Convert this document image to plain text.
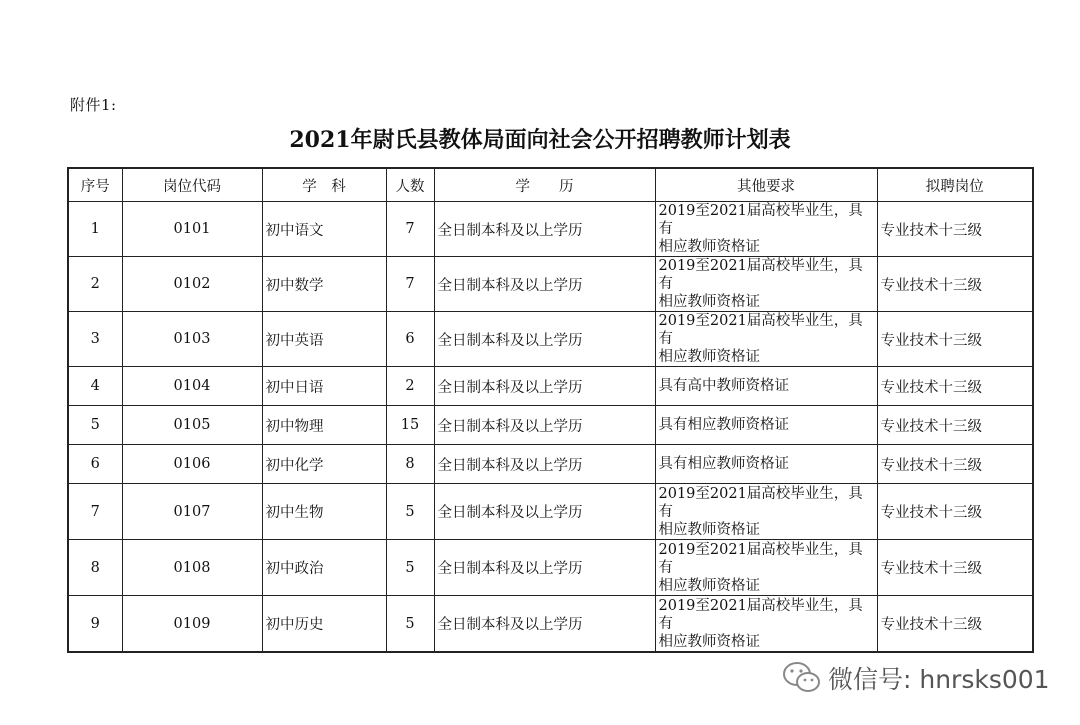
附件1:
2021年尉氏县教体局面向社会公开招聘教师计划表
序号	岗位代码	学　科	人数	学　　历	其他要求	拟聘岗位
1	0101	初中语文	7	全日制本科及以上学历	2019至2021届高校毕业生，具有
相应教师资格证	专业技术十三级
2	0102	初中数学	7	全日制本科及以上学历	2019至2021届高校毕业生，具有
相应教师资格证	专业技术十三级
3	0103	初中英语	6	全日制本科及以上学历	2019至2021届高校毕业生，具有
相应教师资格证	专业技术十三级
4	0104	初中日语	2	全日制本科及以上学历	具有高中教师资格证	专业技术十三级
5	0105	初中物理	15	全日制本科及以上学历	具有相应教师资格证	专业技术十三级
6	0106	初中化学	8	全日制本科及以上学历	具有相应教师资格证	专业技术十三级
7	0107	初中生物	5	全日制本科及以上学历	2019至2021届高校毕业生，具有
相应教师资格证	专业技术十三级
8	0108	初中政治	5	全日制本科及以上学历	2019至2021届高校毕业生，具有
相应教师资格证	专业技术十三级
9	0109	初中历史	5	全日制本科及以上学历	2019至2021届高校毕业生，具有
相应教师资格证	专业技术十三级
微信号: hnrsks001
